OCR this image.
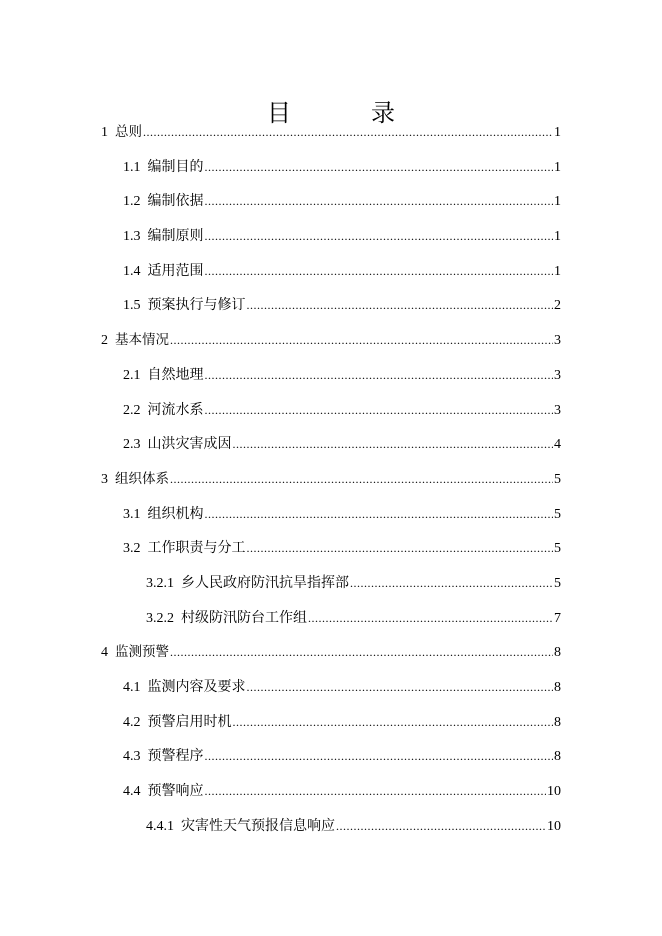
目　录
1 总则 .....	1
1.1 编制目的 .....	1
1.2 编制依据 .....	1
1.3 编制原则 .....	1
1.4 适用范围 .....	1
1.5 预案执行与修订 .....	2
2 基本情况 .....	3
2.1 自然地理 .....	3
2.2 河流水系 .....	3
2.3 山洪灾害成因 .....	4
3 组织体系 .....	5
3.1 组织机构 .....	5
3.2 工作职责与分工 .....	5
3.2.1 乡人民政府防汛抗旱指挥部 .....	5
3.2.2 村级防汛防台工作组 .....	7
4 监测预警 .....	8
4.1 监测内容及要求 .....	8
4.2 预警启用时机 .....	8
4.3 预警程序 .....	8
4.4 预警响应 .....	10
4.4.1 灾害性天气预报信息响应 .....	10
